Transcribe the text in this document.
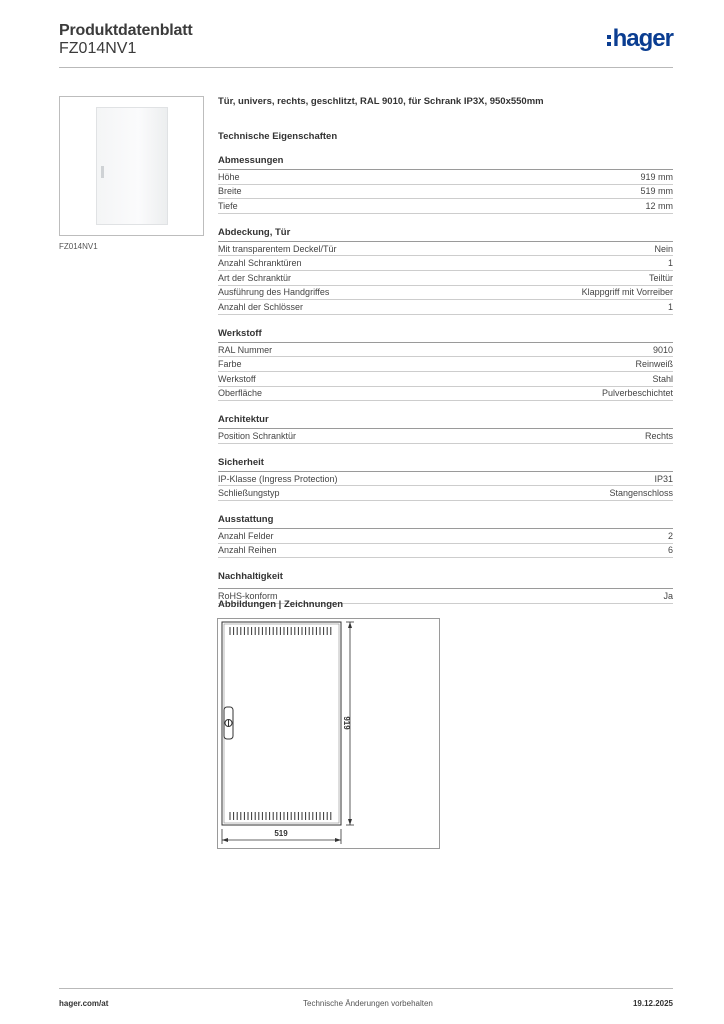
Produktdatenblatt
FZ014NV1	hager
FZ014NV1
Tür, univers, rechts, geschlitzt, RAL 9010, für Schrank IP3X, 950x550mm
Technische Eigenschaften
Abmessungen
Höhe	919 mm
Breite	519 mm
Tiefe	12 mm
Abdeckung, Tür
Mit transparentem Deckel/Tür	Nein
Anzahl Schranktüren	1
Art der Schranktür	Teiltür
Ausführung des Handgriffes	Klappgriff mit Vorreiber
Anzahl der Schlösser	1
Werkstoff
RAL Nummer	9010
Farbe	Reinweiß
Werkstoff	Stahl
Oberfläche	Pulverbeschichtet
Architektur
Position Schranktür	Rechts
Sicherheit
IP-Klasse (Ingress Protection)	IP31
Schließungstyp	Stangenschloss
Ausstattung
Anzahl Felder	2
Anzahl Reihen	6
Nachhaltigkeit
RoHS-konform	Ja
Abbildungen | Zeichnungen
919
519
hager.com/at	Technische Änderungen vorbehalten	19.12.2025
